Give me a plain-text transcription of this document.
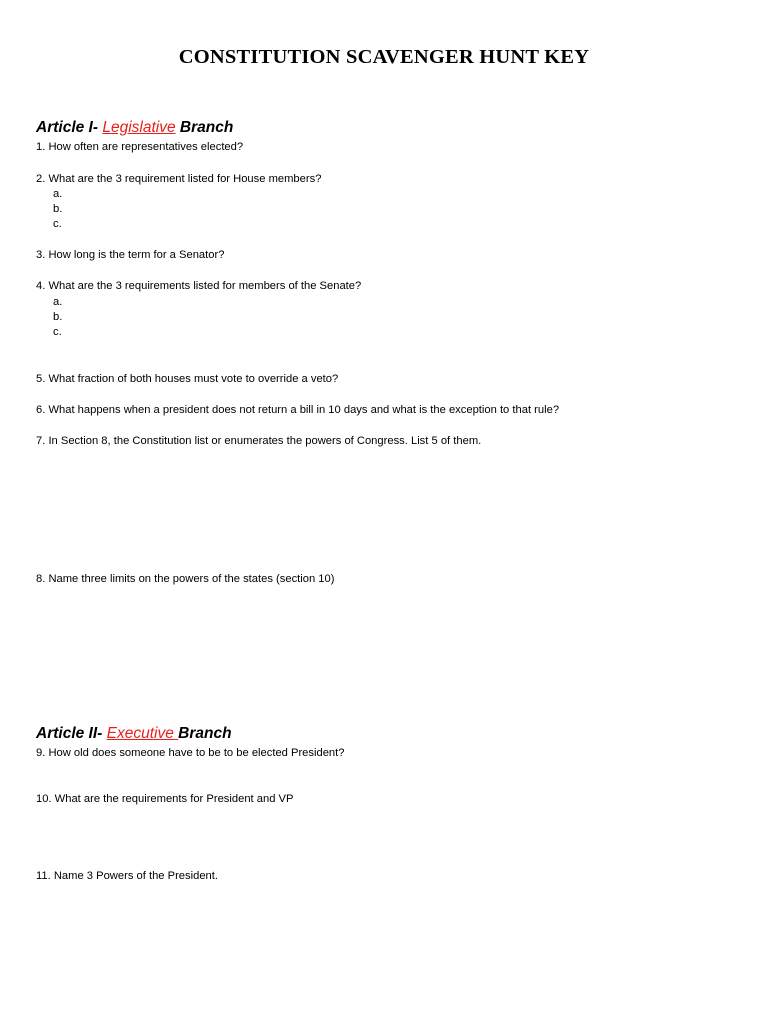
CONSTITUTION SCAVENGER HUNT KEY
Article I- Legislative Branch
1. How often are representatives elected?
2. What are the 3 requirement listed for House members?
a.
b.
c.
3. How long is the term for a Senator?
4. What are the 3 requirements listed for members of the Senate?
a.
b.
c.
5. What fraction of both houses must vote to override a veto?
6. What happens when a president does not return a bill in 10 days and what is the exception to that rule?
7. In Section 8, the Constitution list or enumerates the powers of Congress. List 5 of them.
8. Name three limits on the powers of the states (section 10)
Article II- Executive Branch
9. How old does someone have to be to be elected President?
10. What are the requirements for President and VP
11. Name 3 Powers of the President.
